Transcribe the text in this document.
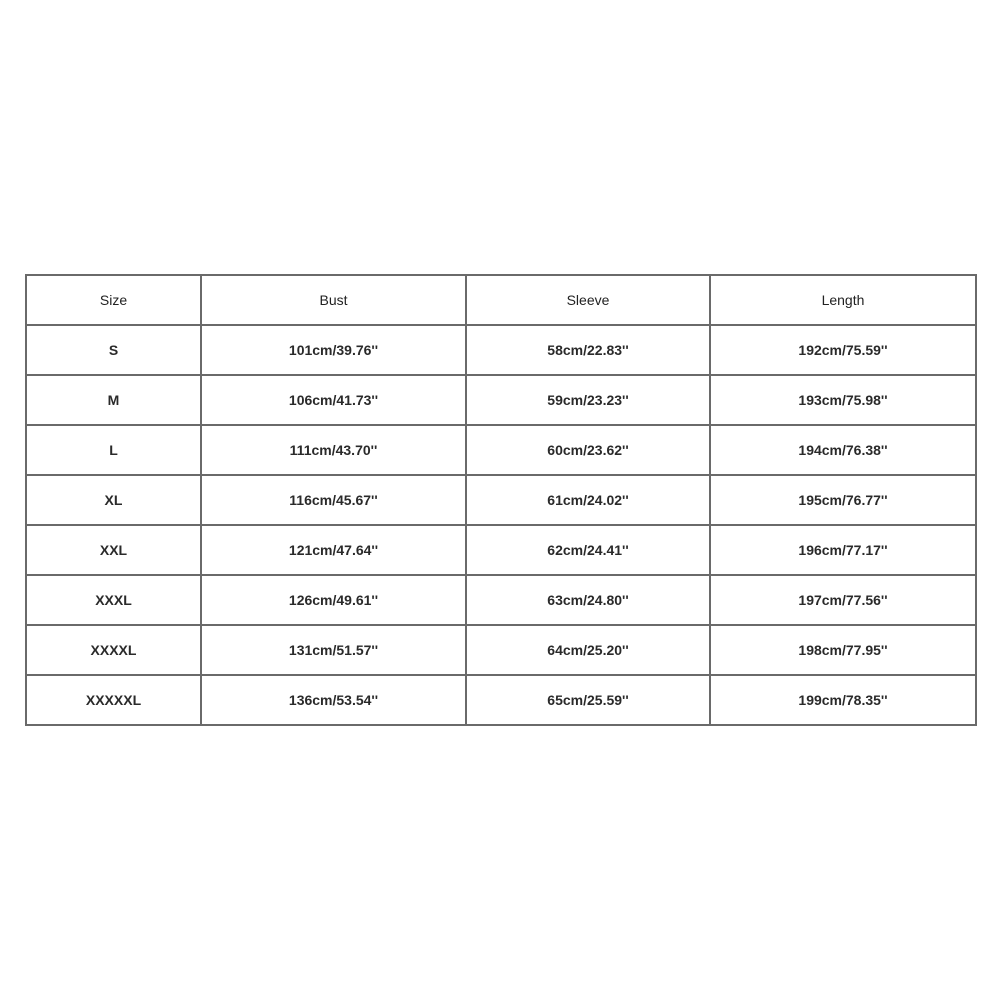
Size	Bust	Sleeve	Length
S	101cm/39.76''	58cm/22.83''	192cm/75.59''
M	106cm/41.73''	59cm/23.23''	193cm/75.98''
L	111cm/43.70''	60cm/23.62''	194cm/76.38''
XL	116cm/45.67''	61cm/24.02''	195cm/76.77''
XXL	121cm/47.64''	62cm/24.41''	196cm/77.17''
XXXL	126cm/49.61''	63cm/24.80''	197cm/77.56''
XXXXL	131cm/51.57''	64cm/25.20''	198cm/77.95''
XXXXXL	136cm/53.54''	65cm/25.59''	199cm/78.35''
